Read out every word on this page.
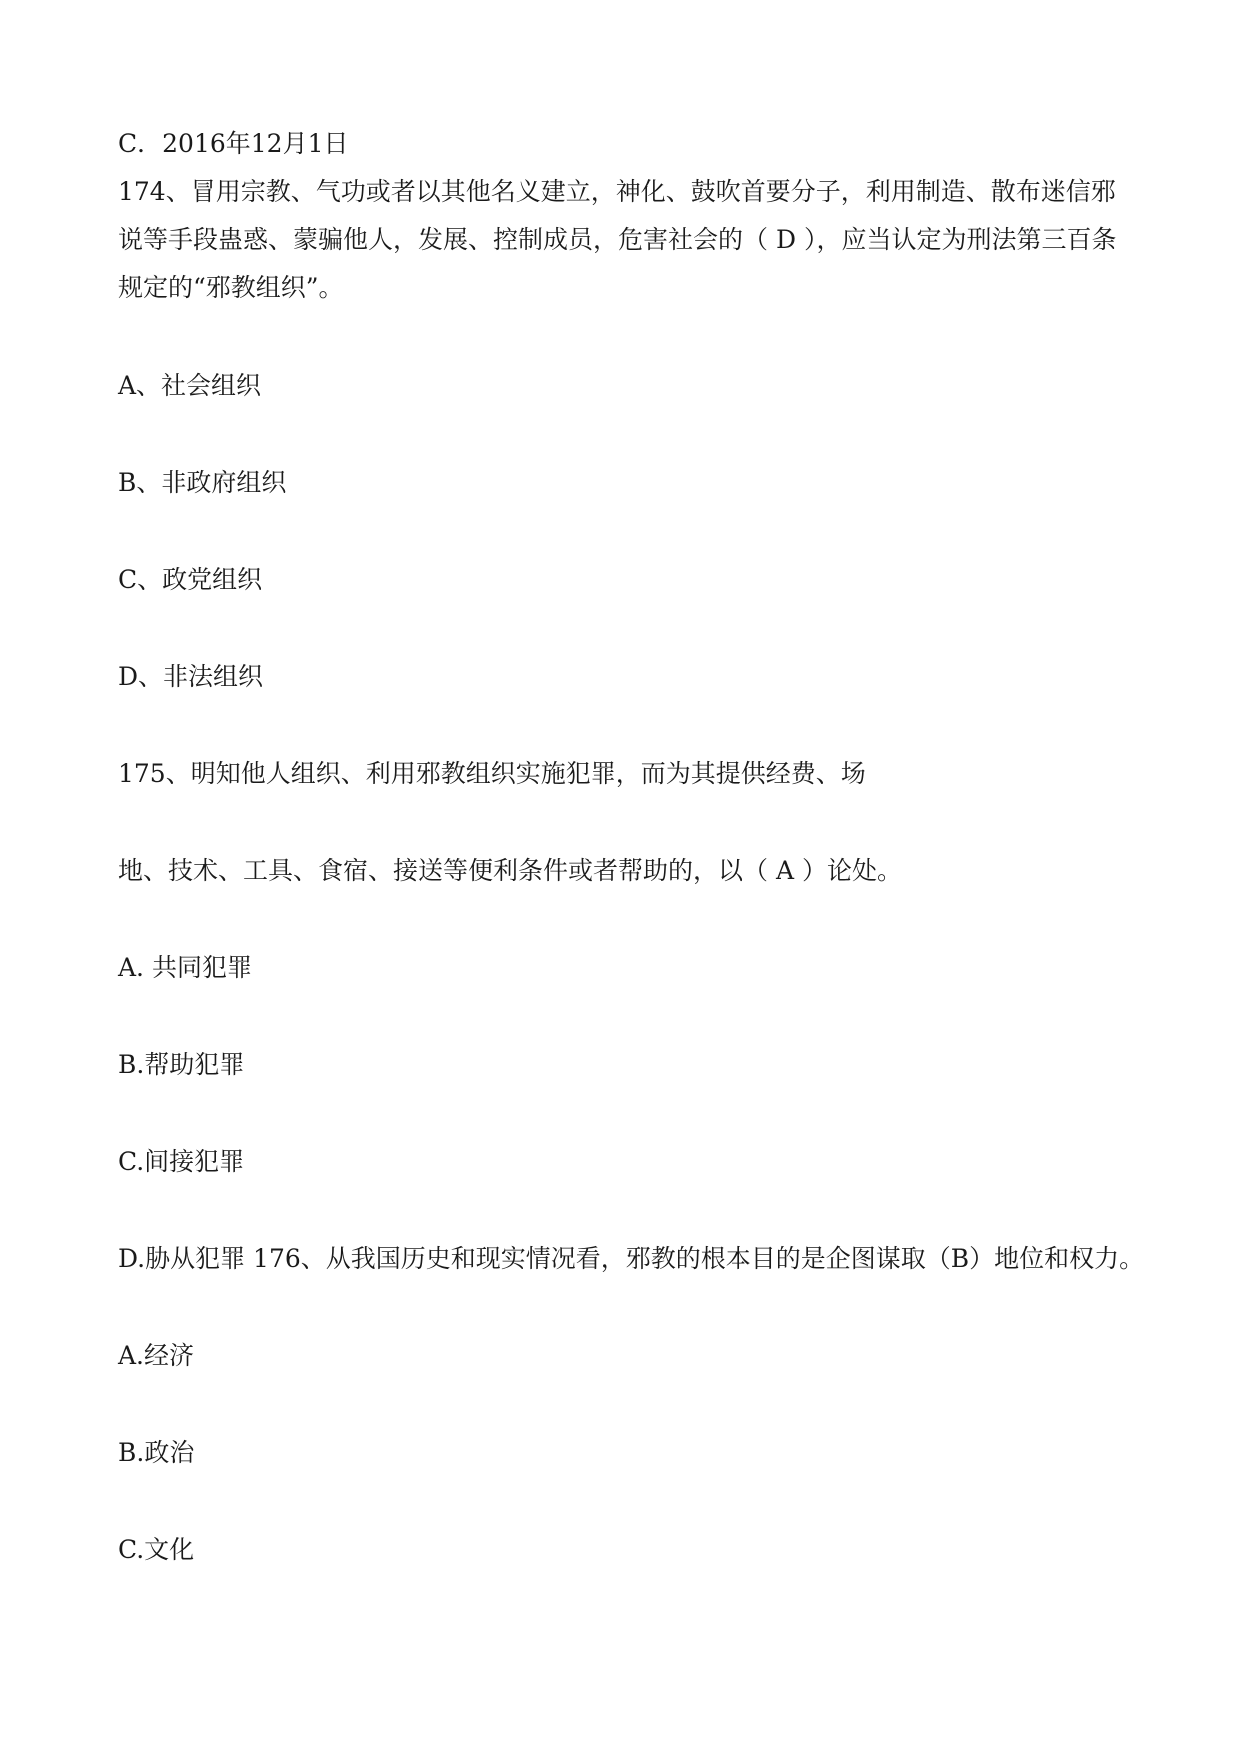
C．2016年12月1日

174、冒用宗教、气功或者以其他名义建立，神化、鼓吹首要分子，利用制造、散布迷信邪说等手段蛊惑、蒙骗他人，发展、控制成员，危害社会的（ D ），应当认定为刑法第三百条规定的“邪教组织”。

A、社会组织

B、非政府组织

C、政党组织

D、非法组织

175、明知他人组织、利用邪教组织实施犯罪，而为其提供经费、场

地、技术、工具、食宿、接送等便利条件或者帮助的，以（ A ）论处。

A. 共同犯罪

B.帮助犯罪

C.间接犯罪

D.胁从犯罪 176、从我国历史和现实情况看，邪教的根本目的是企图谋取（B）地位和权力。

A.经济

B.政治

C.文化
